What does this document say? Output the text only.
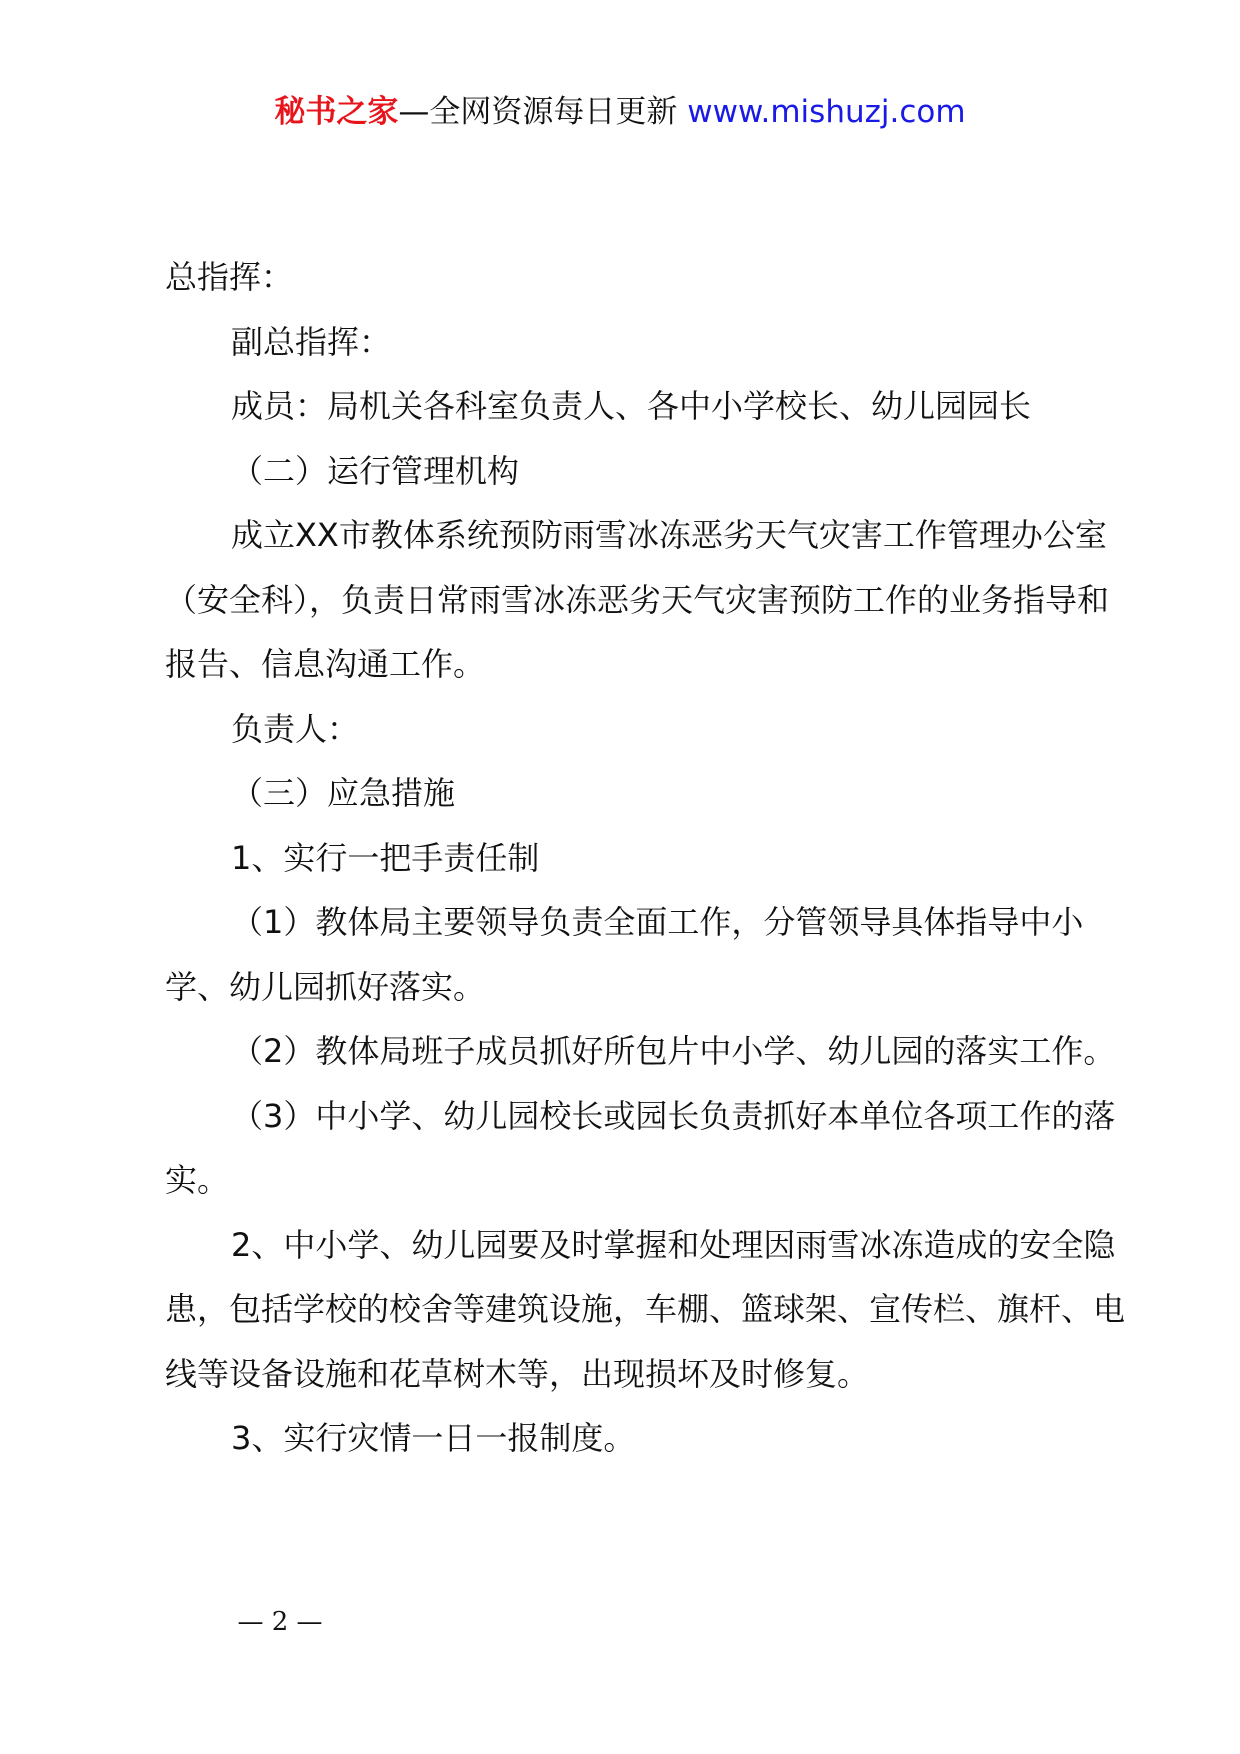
秘书之家—全网资源每日更新 www.mishuzj.com

总指挥：

副总指挥：

成员：局机关各科室负责人、各中小学校长、幼儿园园长

（二）运行管理机构

成立XX市教体系统预防雨雪冰冻恶劣天气灾害工作管理办公室（安全科），负责日常雨雪冰冻恶劣天气灾害预防工作的业务指导和报告、信息沟通工作。

负责人：

（三）应急措施

1、实行一把手责任制

（1）教体局主要领导负责全面工作，分管领导具体指导中小学、幼儿园抓好落实。

（2）教体局班子成员抓好所包片中小学、幼儿园的落实工作。

（3）中小学、幼儿园校长或园长负责抓好本单位各项工作的落实。

2、中小学、幼儿园要及时掌握和处理因雨雪冰冻造成的安全隐患，包括学校的校舍等建筑设施，车棚、篮球架、宣传栏、旗杆、电线等设备设施和花草树木等，出现损坏及时修复。

3、实行灾情一日一报制度。

— 2 —
